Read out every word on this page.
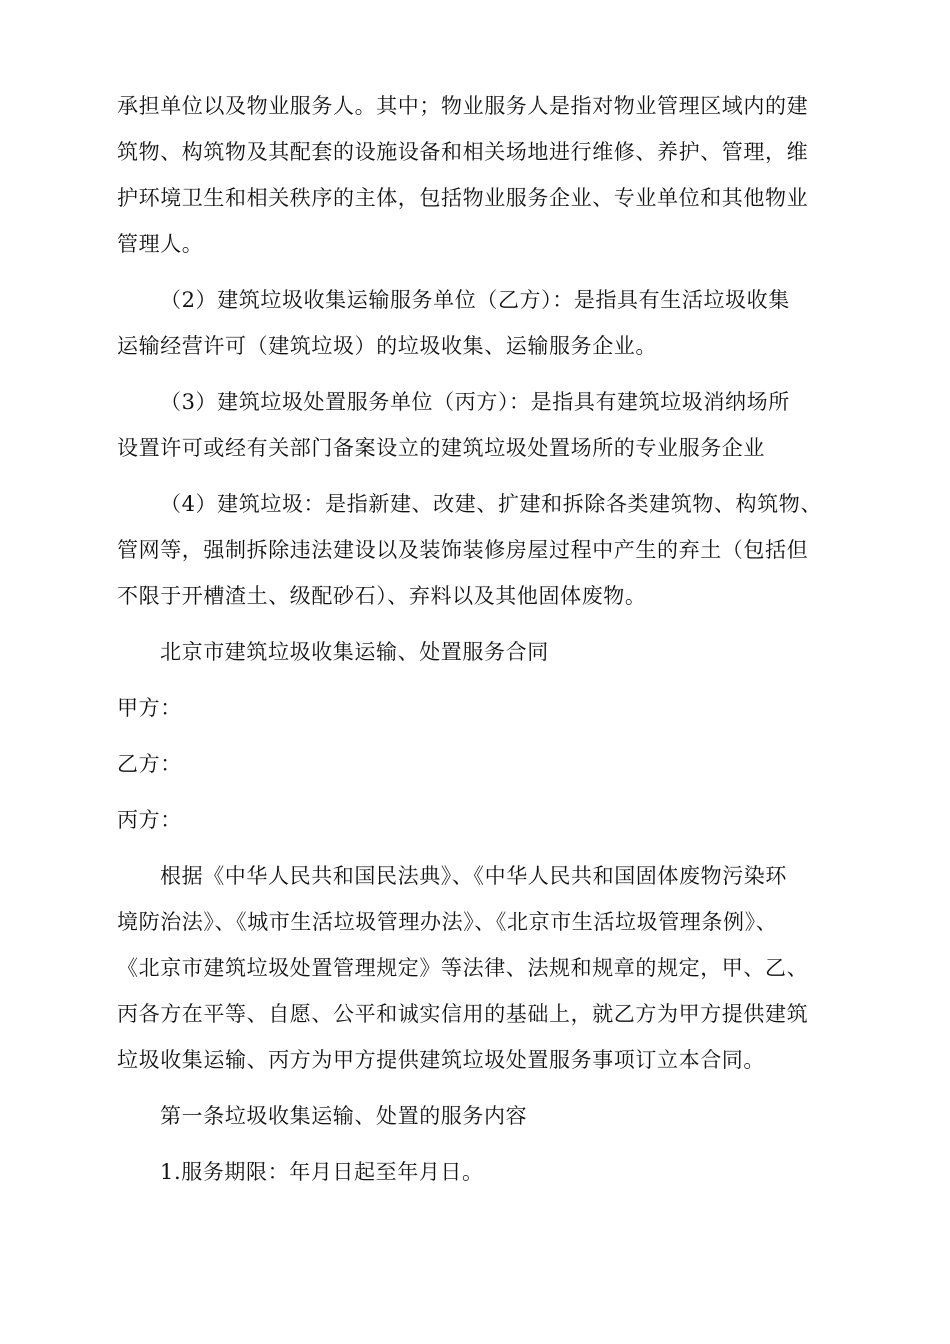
承担单位以及物业服务人。其中；物业服务人是指对物业管理区域内的建
筑物、构筑物及其配套的设施设备和相关场地进行维修、养护、管理，维
护环境卫生和相关秩序的主体，包括物业服务企业、专业单位和其他物业
管理人。
（2）建筑垃圾收集运输服务单位（乙方）：是指具有生活垃圾收集
运输经营许可（建筑垃圾）的垃圾收集、运输服务企业。
（3）建筑垃圾处置服务单位（丙方）：是指具有建筑垃圾消纳场所
设置许可或经有关部门备案设立的建筑垃圾处置场所的专业服务企业
（4）建筑垃圾：是指新建、改建、扩建和拆除各类建筑物、构筑物、
管网等，强制拆除违法建设以及装饰装修房屋过程中产生的弃土（包括但
不限于开槽渣土、级配砂石）、弃料以及其他固体废物。
北京市建筑垃圾收集运输、处置服务合同
甲方：
乙方：
丙方：
根据《中华人民共和国民法典》、《中华人民共和国固体废物污染环
境防治法》、《城市生活垃圾管理办法》、《北京市生活垃圾管理条例》、
《北京市建筑垃圾处置管理规定》等法律、法规和规章的规定，甲、乙、
丙各方在平等、自愿、公平和诚实信用的基础上，就乙方为甲方提供建筑
垃圾收集运输、丙方为甲方提供建筑垃圾处置服务事项订立本合同。
第一条垃圾收集运输、处置的服务内容
1.服务期限：年月日起至年月日。
